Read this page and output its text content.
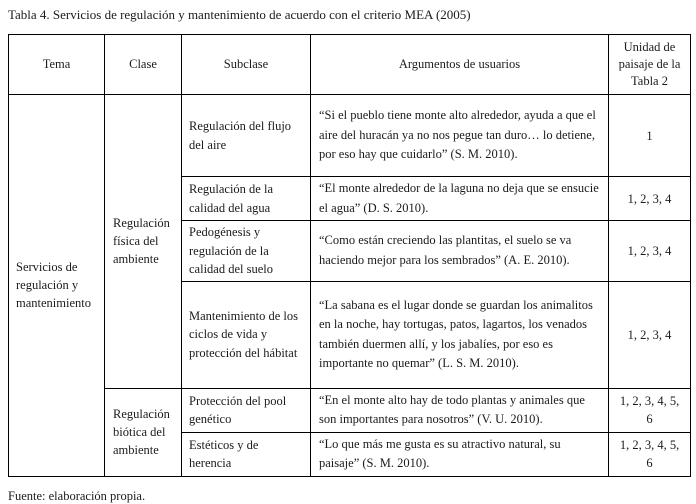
Tabla 4. Servicios de regulación y mantenimiento de acuerdo con el criterio MEA (2005)

Tema	Clase	Subclase	Argumentos de usuarios	Unidad de paisaje de la Tabla 2
Servicios de regulación y mantenimiento	Regulación física del ambiente	Regulación del flujo del aire	“Si el pueblo tiene monte alto alrededor, ayuda a que el aire del huracán ya no nos pegue tan duro… lo detiene, por eso hay que cuidarlo” (S. M. 2010).	1
		Regulación de la calidad del agua	“El monte alrededor de la laguna no deja que se ensucie el agua” (D. S. 2010).	1, 2, 3, 4
		Pedogénesis y regulación de la calidad del suelo	“Como están creciendo las plantitas, el suelo se va haciendo mejor para los sembrados” (A. E. 2010).	1, 2, 3, 4
		Mantenimiento de los ciclos de vida y protección del hábitat	“La sabana es el lugar donde se guardan los animalitos en la noche, hay tortugas, patos, lagartos, los venados también duermen allí, y los jabalíes, por eso es importante no quemar” (L. S. M. 2010).	1, 2, 3, 4
	Regulación biótica del ambiente	Protección del pool genético	“En el monte alto hay de todo plantas y animales que son importantes para nosotros” (V. U. 2010).	1, 2, 3, 4, 5, 6
		Estéticos y de herencia	“Lo que más me gusta es su atractivo natural, su paisaje” (S. M. 2010).	1, 2, 3, 4, 5, 6

Fuente: elaboración propia.
